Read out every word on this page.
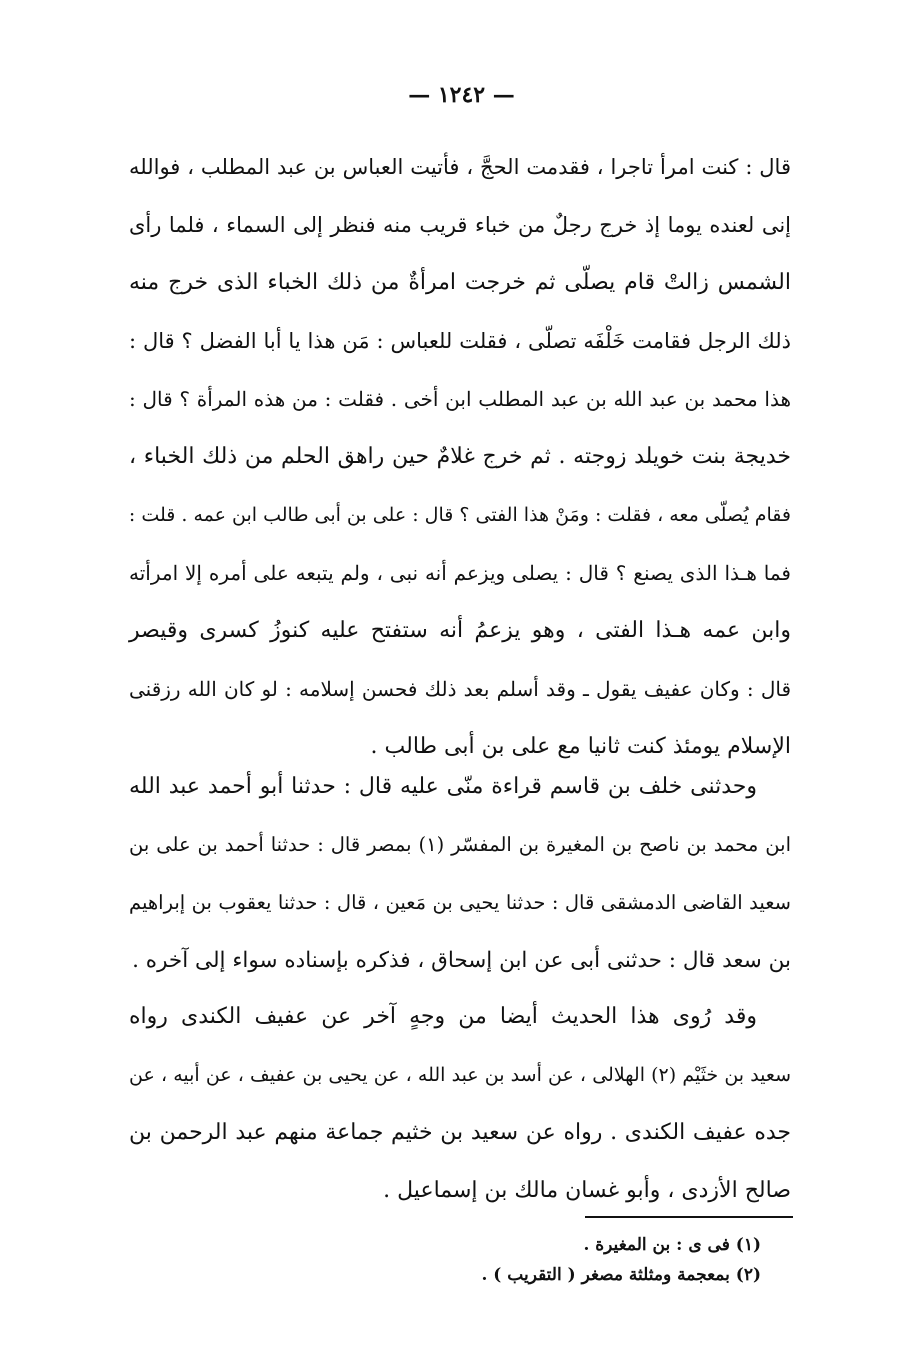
— ١٢٤٢ —
قال : كنت امرأ تاجرا ، فقدمت الحجَّ ، فأتيت العباس بن عبد المطلب ، فوالله
إنى لعنده يوما إذ خرج رجلٌ من خباء قريب منه فنظر إلى السماء ، فلما رأى
الشمس زالتْ قام يصلّى ثم خرجت امرأةٌ من ذلك الخباء الذى خرج منه
ذلك الرجل فقامت خَلْفَه تصلّى ، فقلت للعباس : مَن هذا يا أبا الفضل ؟ قال :
هذا محمد بن عبد الله بن عبد المطلب ابن أخى . فقلت : من هذه المرأة ؟ قال :
خديجة بنت خويلد زوجته . ثم خرج غلامٌ حين راهق الحلم من ذلك الخباء ،
فقام يُصلّى معه ، فقلت : ومَنْ هذا الفتى ؟ قال : على بن أبى طالب ابن عمه . قلت :
فما هـذا الذى يصنع ؟ قال : يصلى ويزعم أنه نبى ، ولم يتبعه على أمره إلا امرأته
وابن عمه هـذا الفتى ، وهو يزعمُ أنه ستفتح عليه كنوزُ كسرى وقيصر
قال : وكان عفيف يقول ـ وقد أسلم بعد ذلك فحسن إسلامه : لو كان الله رزقنى
الإسلام يومئذ كنت ثانيا مع على بن أبى طالب .
وحدثنى خلف بن قاسم قراءة منّى عليه قال : حدثنا أبو أحمد عبد الله
ابن محمد بن ناصح بن المغيرة بن المفسّر (١) بمصر قال : حدثنا أحمد بن على بن
سعيد القاضى الدمشقى قال : حدثنا يحيى بن مَعين ، قال : حدثنا يعقوب بن إبراهيم
بن سعد قال : حدثنى أبى عن ابن إسحاق ، فذكره بإسناده سواء إلى آخره .
وقد رُوى هذا الحديث أيضا من وجهٍ آخر عن عفيف الكندى رواه
سعيد بن خثَيْم (٢) الهلالى ، عن أسد بن عبد الله ، عن يحيى بن عفيف ، عن أبيه ، عن
جده عفيف الكندى . رواه عن سعيد بن خثيم جماعة منهم عبد الرحمن بن
صالح الأزدى ، وأبو غسان مالك بن إسماعيل .
(١) فى ى : بن المغيرة .
(٢) بمعجمة ومثلثة مصغر ( التقريب ) .
